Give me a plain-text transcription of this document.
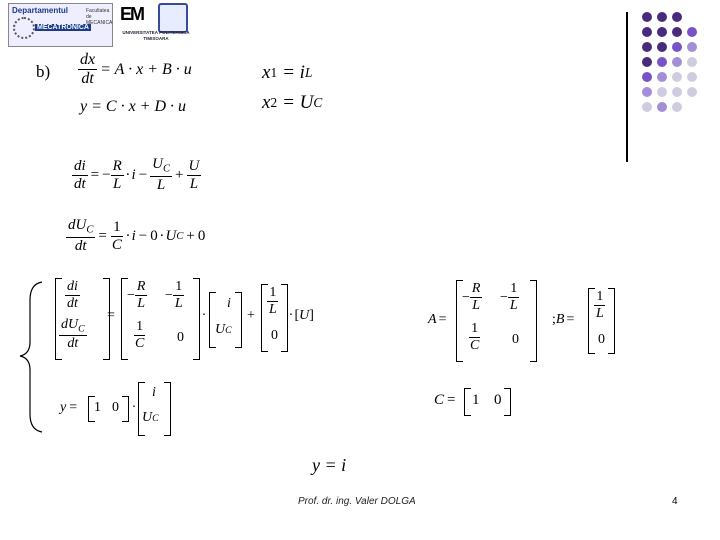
Departamentul
MECATRONICA
Facultatea de MECANICA EM
UNIVERSITATEA POLITEHNICA TIMISOARA
$b) \frac{dx}{dt} = A \cdot x + B \cdot u$
y = C · x + D · u
x 1 = i L
x 2 = U C
$\frac{di}{dt}$ = − $\frac{R}{L} \cdot i - \frac{U_C}{L} + \frac{U}{L}$
$\frac{dU_C}{dt} = \frac{1}{C} \cdot i - 0 \cdot U$ C + 0
$\frac{di}{dt}$
$\frac{dU_C}{dt}$
=
− $\frac{R}{L} - \frac{1}{L}$
$\frac{1}{C} 0$
·
i
U C
+ $\frac{1}{L}$
0
· [ U ]
y = 1 0 ·
i
U C
A =
− $\frac{R}{L} - \frac{1}{L}$
$\frac{1}{C} 0$
; $B = \frac{1}{L}$
0
C = 1 0
y = i
Prof. dr. ing. Valer DOLGA	4
